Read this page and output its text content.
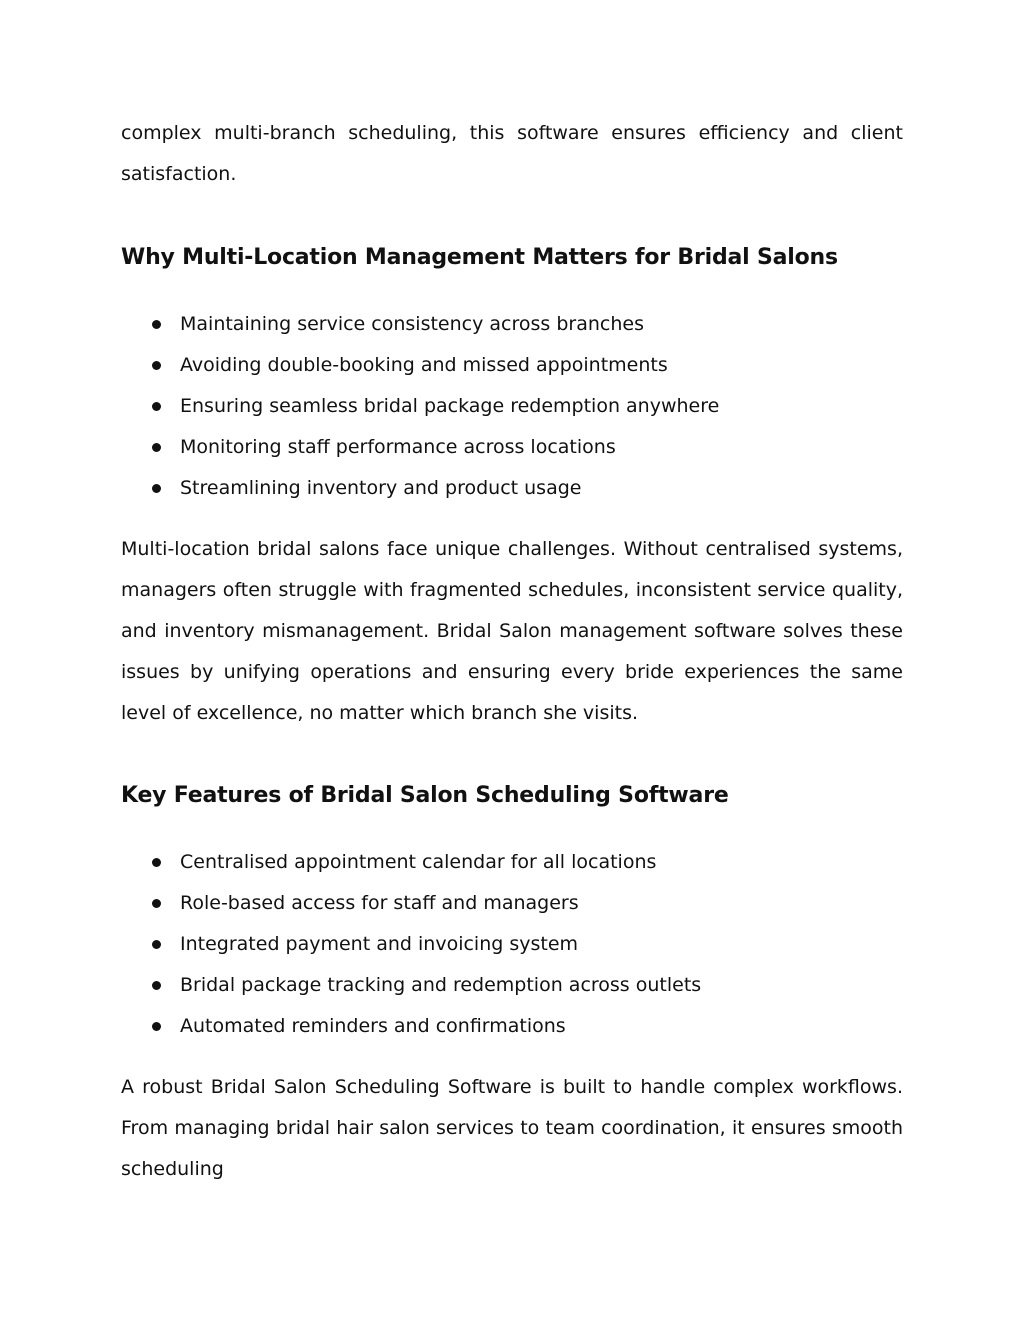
complex multi-branch scheduling, this software ensures efficiency and client satisfaction.

Why Multi-Location Management Matters for Bridal Salons
Maintaining service consistency across branches
Avoiding double-booking and missed appointments
Ensuring seamless bridal package redemption anywhere
Monitoring staff performance across locations
Streamlining inventory and product usage

Multi-location bridal salons face unique challenges. Without centralised systems, managers often struggle with fragmented schedules, inconsistent service quality, and inventory mismanagement. Bridal Salon management software solves these issues by unifying operations and ensuring every bride experiences the same level of excellence, no matter which branch she visits.

Key Features of Bridal Salon Scheduling Software
Centralised appointment calendar for all locations
Role-based access for staff and managers
Integrated payment and invoicing system
Bridal package tracking and redemption across outlets
Automated reminders and confirmations

A robust Bridal Salon Scheduling Software is built to handle complex workflows. From managing bridal hair salon services to team coordination, it ensures smooth scheduling
